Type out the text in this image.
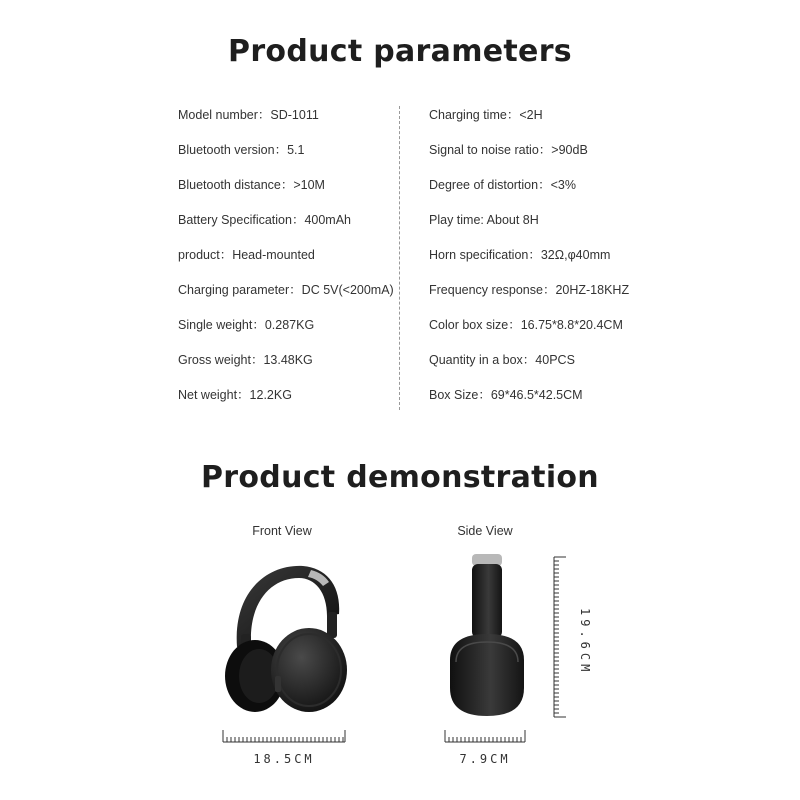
Product parameters
Model number：SD-1011
Bluetooth version：5.1
Bluetooth distance：>10M
Battery Specification：400mAh
product：Head-mounted
Charging parameter：DC 5V(<200mA)
Single weight：0.287KG
Gross weight：13.48KG
Net weight：12.2KG
Charging time：<2H
Signal to noise ratio：>90dB
Degree of distortion：<3%
Play time: About 8H
Horn specification：32Ω,φ40mm
Frequency response：20HZ-18KHZ
Color box size：16.75*8.8*20.4CM
Quantity in a box：40PCS
Box Size：69*46.5*42.5CM
Product demonstration
Front View	Side View
18.5CM	7.9CM
19.6CM
